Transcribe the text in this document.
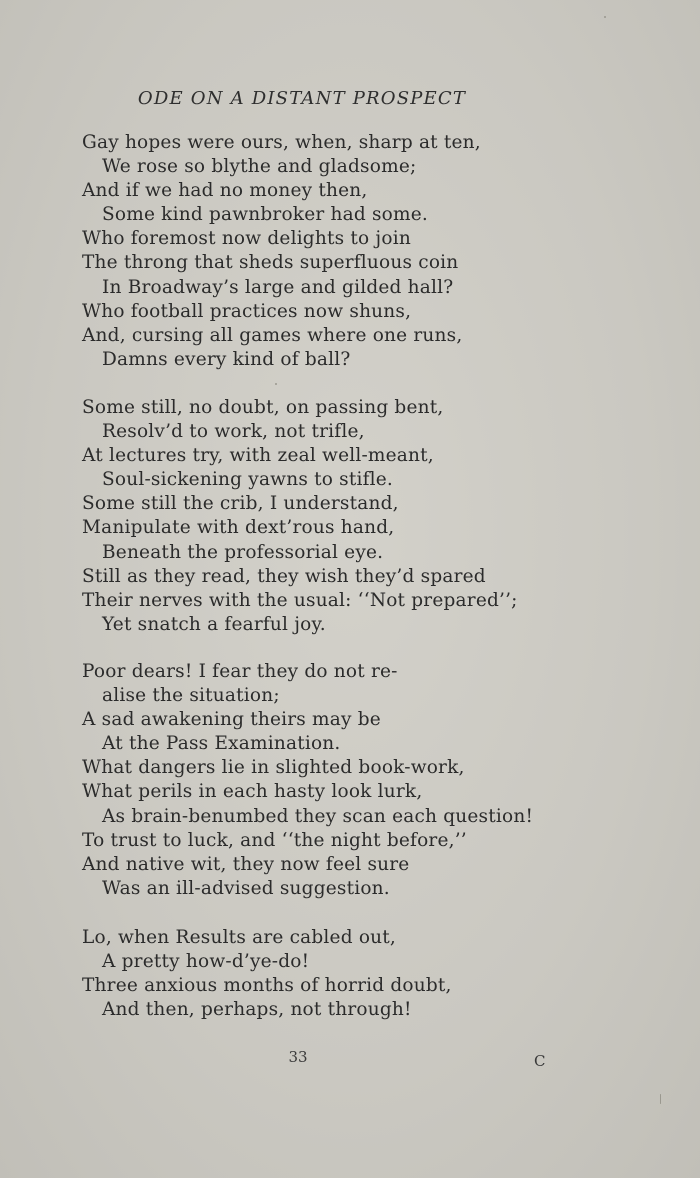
ODE ON A DISTANT PROSPECT
Gay hopes were ours, when, sharp at ten,
We rose so blythe and gladsome;
And if we had no money then,
Some kind pawnbroker had some.
Who foremost now delights to join
The throng that sheds superfluous coin
In Broadway’s large and gilded hall?
Who football practices now shuns,
And, cursing all games where one runs,
Damns every kind of ball?
Some still, no doubt, on passing bent,
Resolv’d to work, not trifle,
At lectures try, with zeal well-meant,
Soul-sickening yawns to stifle.
Some still the crib, I understand,
Manipulate with dext’rous hand,
Beneath the professorial eye.
Still as they read, they wish they’d spared
Their nerves with the usual: ‘‘Not prepared’’;
Yet snatch a fearful joy.
Poor dears! I fear they do not re-
alise the situation;
A sad awakening theirs may be
At the Pass Examination.
What dangers lie in slighted book-work,
What perils in each hasty look lurk,
As brain-benumbed they scan each question!
To trust to luck, and ‘‘the night before,’’
And native wit, they now feel sure
Was an ill-advised suggestion.
Lo, when Results are cabled out,
A pretty how-d’ye-do!
Three anxious months of horrid doubt,
And then, perhaps, not through!
33	C
